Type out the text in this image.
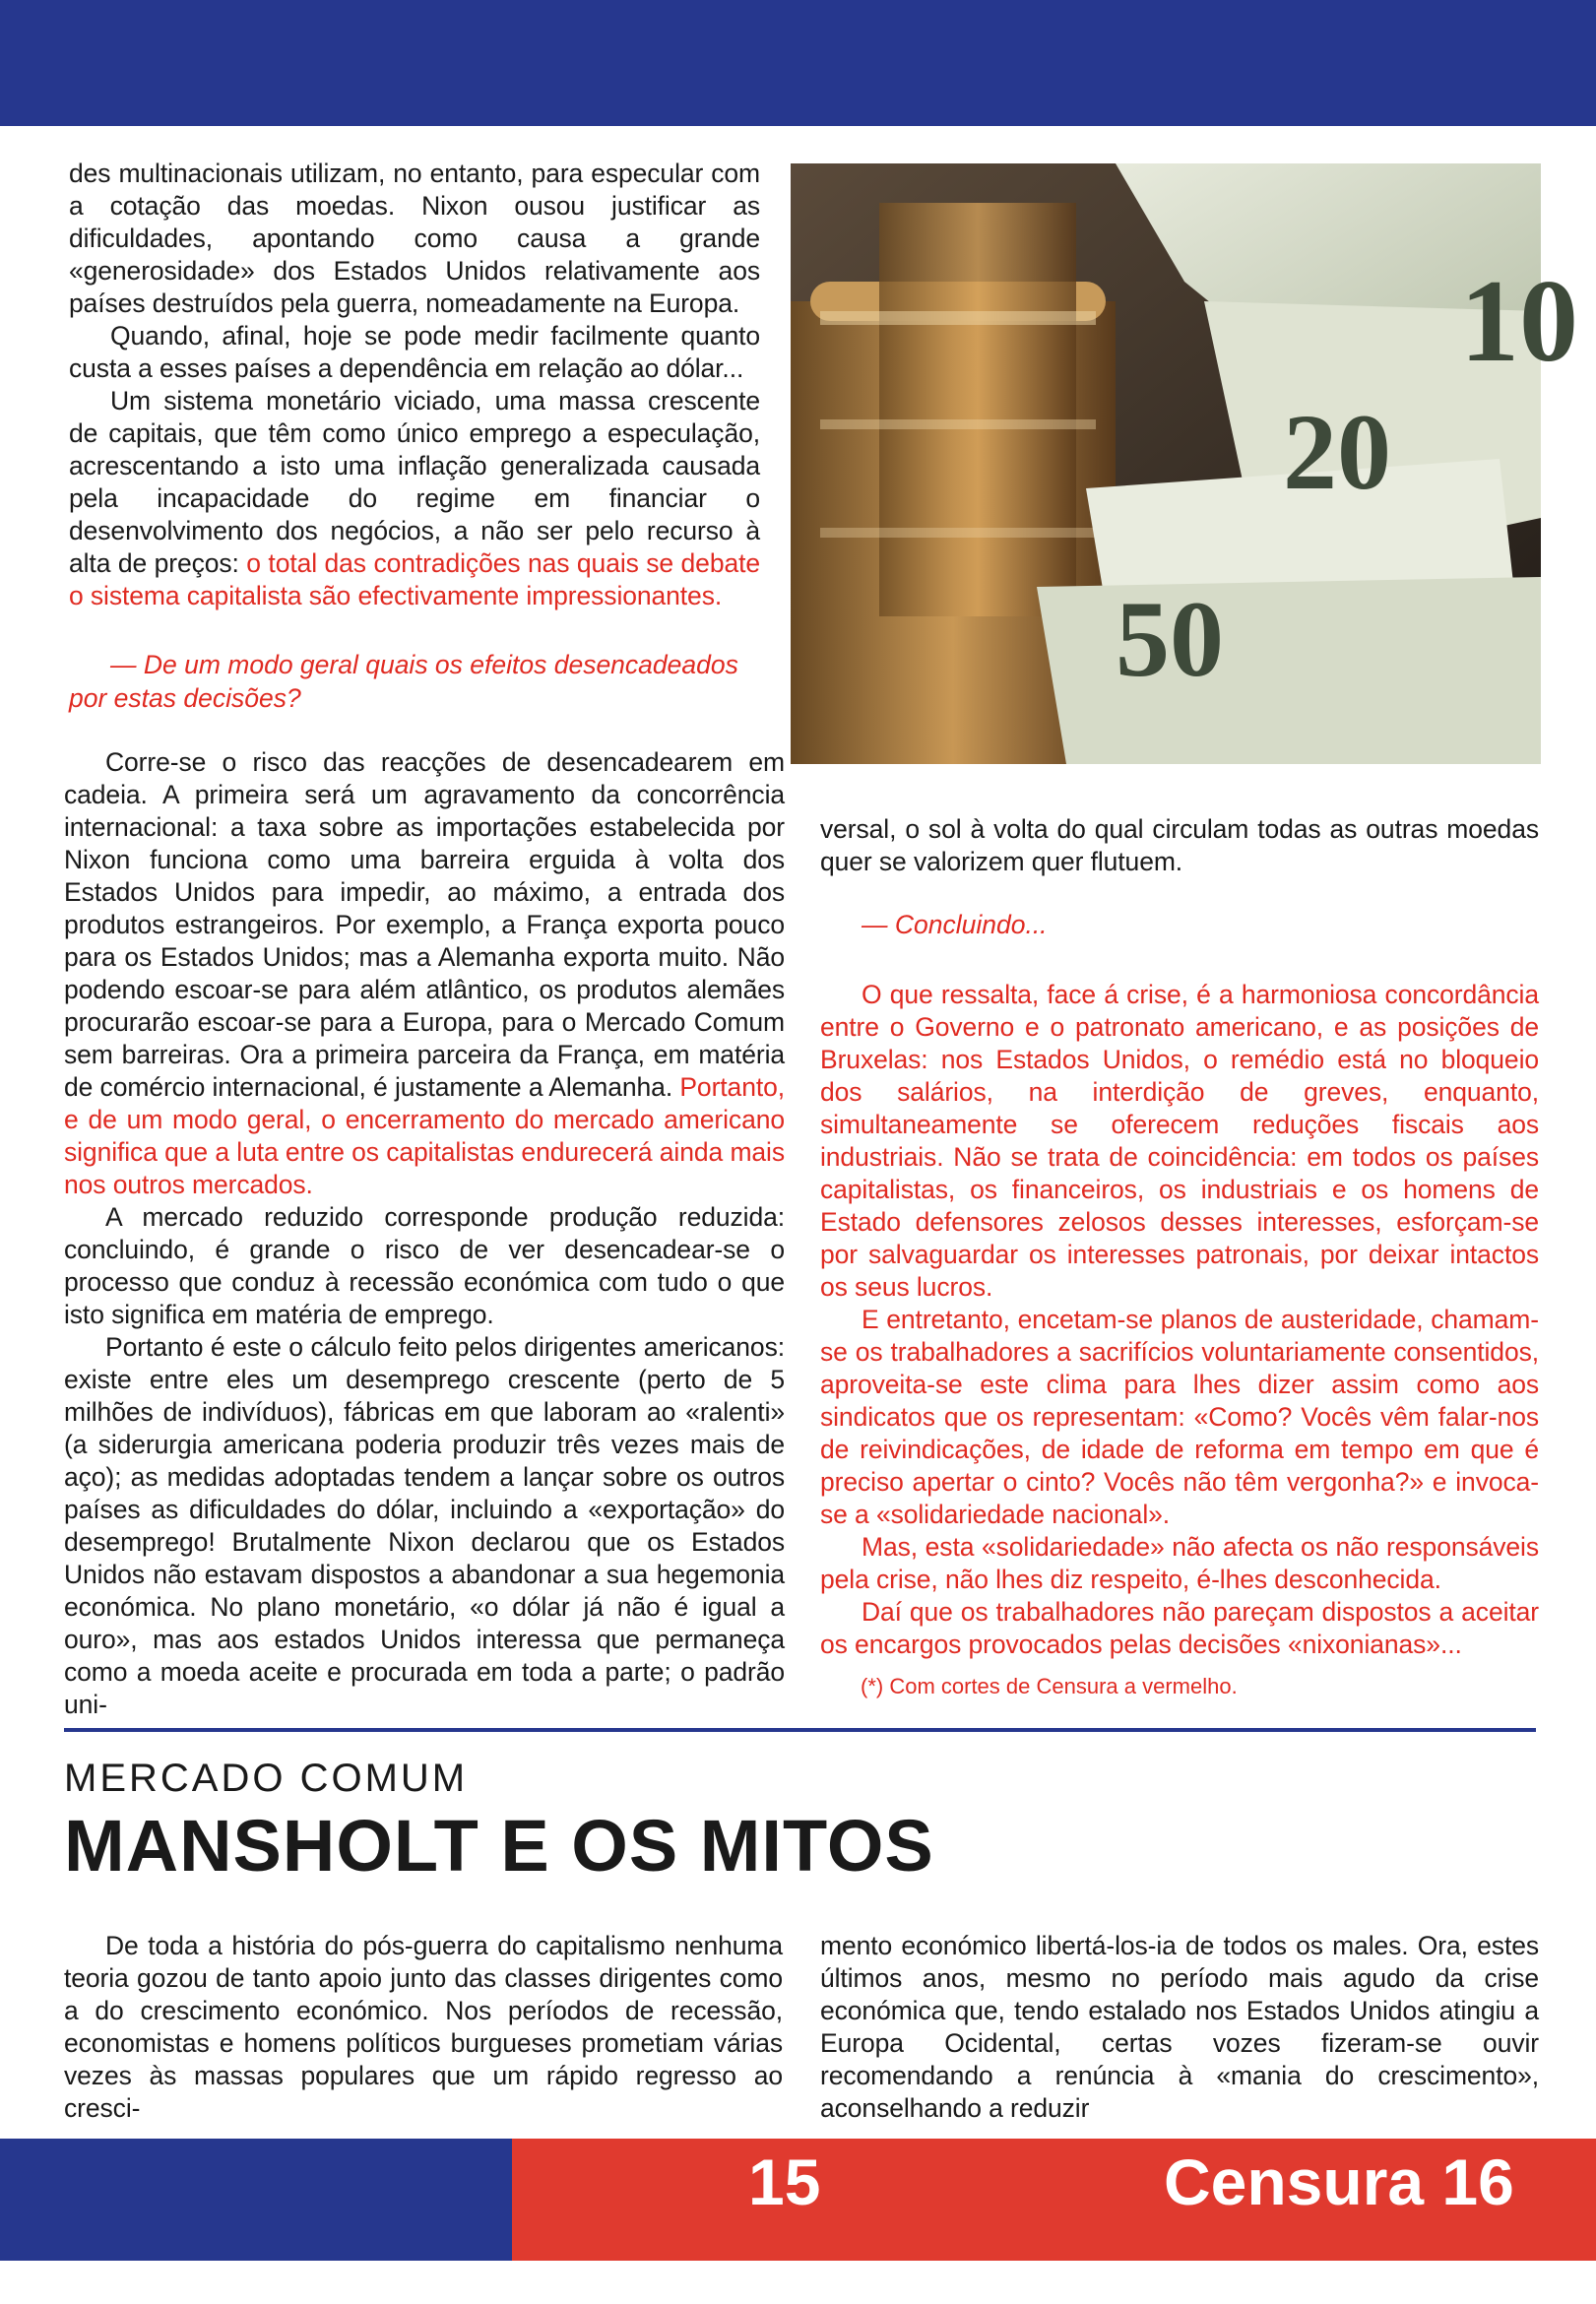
des multinacionais utilizam, no entanto, para especular com a cotação das moedas. Nixon ousou justificar as dificuldades, apontando como causa a grande «generosidade» dos Estados Unidos relativamente aos países destruídos pela guerra, nomeadamente na Europa.

Quando, afinal, hoje se pode medir facilmente quanto custa a esses países a dependência em relação ao dólar...

Um sistema monetário viciado, uma massa crescente de capitais, que têm como único emprego a especulação, acrescentando a isto uma inflação generalizada causada pela incapacidade do regime em financiar o desenvolvimento dos negócios, a não ser pelo recurso à alta de preços: o total das contradições nas quais se debate o sistema capitalista são efectivamente impressionantes.

— De um modo geral quais os efeitos desencadeados por estas decisões?

Corre-se o risco das reacções de desencadearem em cadeia. A primeira será um agravamento da concorrência internacional: a taxa sobre as importações estabelecida por Nixon funciona como uma barreira erguida à volta dos Estados Unidos para impedir, ao máximo, a entrada dos produtos estrangeiros. Por exemplo, a França exporta pouco para os Estados Unidos; mas a Alemanha exporta muito. Não podendo escoar-se para além atlântico, os produtos alemães procurarão escoar-se para a Europa, para o Mercado Comum sem barreiras. Ora a primeira parceira da França, em matéria de comércio internacional, é justamente a Alemanha. Portanto, e de um modo geral, o encerramento do mercado americano significa que a luta entre os capitalistas endurecerá ainda mais nos outros mercados.

A mercado reduzido corresponde produção reduzida: concluindo, é grande o risco de ver desencadear-se o processo que conduz à recessão económica com tudo o que isto significa em matéria de emprego.

Portanto é este o cálculo feito pelos dirigentes americanos: existe entre eles um desemprego crescente (perto de 5 milhões de indivíduos), fábricas em que laboram ao «ralenti» (a siderurgia americana poderia produzir três vezes mais de aço); as medidas adoptadas tendem a lançar sobre os outros países as dificuldades do dólar, incluindo a «exportação» do desemprego! Brutalmente Nixon declarou que os Estados Unidos não estavam dispostos a abandonar a sua hegemonia económica. No plano monetário, «o dólar já não é igual a ouro», mas aos estados Unidos interessa que permaneça como a moeda aceite e procurada em toda a parte; o padrão uni-

10
20
50

versal, o sol à volta do qual circulam todas as outras moedas quer se valorizem quer flutuem.

— Concluindo...

O que ressalta, face á crise, é a harmoniosa concordância entre o Governo e o patronato americano, e as posições de Bruxelas: nos Estados Unidos, o remédio está no bloqueio dos salários, na interdição de greves, enquanto, simultaneamente se oferecem reduções fiscais aos industriais. Não se trata de coincidência: em todos os países capitalistas, os financeiros, os industriais e os homens de Estado defensores zelosos desses interesses, esforçam-se por salvaguardar os interesses patronais, por deixar intactos os seus lucros.

E entretanto, encetam-se planos de austeridade, chamam-se os trabalhadores a sacrifícios voluntariamente consentidos, aproveita-se este clima para lhes dizer assim como aos sindicatos que os representam: «Como? Vocês vêm falar-nos de reivindicações, de idade de reforma em tempo em que é preciso apertar o cinto? Vocês não têm vergonha?» e invoca-se a «solidariedade nacional».

Mas, esta «solidariedade» não afecta os não responsáveis pela crise, não lhes diz respeito, é-lhes desconhecida.

Daí que os trabalhadores não pareçam dispostos a aceitar os encargos provocados pelas decisões «nixonianas»...

(*) Com cortes de Censura a vermelho.
MERCADO COMUM
MANSHOLT E OS MITOS

De toda a história do pós-guerra do capitalismo nenhuma teoria gozou de tanto apoio junto das classes dirigentes como a do crescimento económico. Nos períodos de recessão, economistas e homens políticos burgueses prometiam várias vezes às massas populares que um rápido regresso ao cresci-

mento económico libertá-los-ia de todos os males. Ora, estes últimos anos, mesmo no período mais agudo da crise económica que, tendo estalado nos Estados Unidos atingiu a Europa Ocidental, certas vozes fizeram-se ouvir recomendando a renúncia à «mania do crescimento», aconselhando a reduzir

15	Censura 16
